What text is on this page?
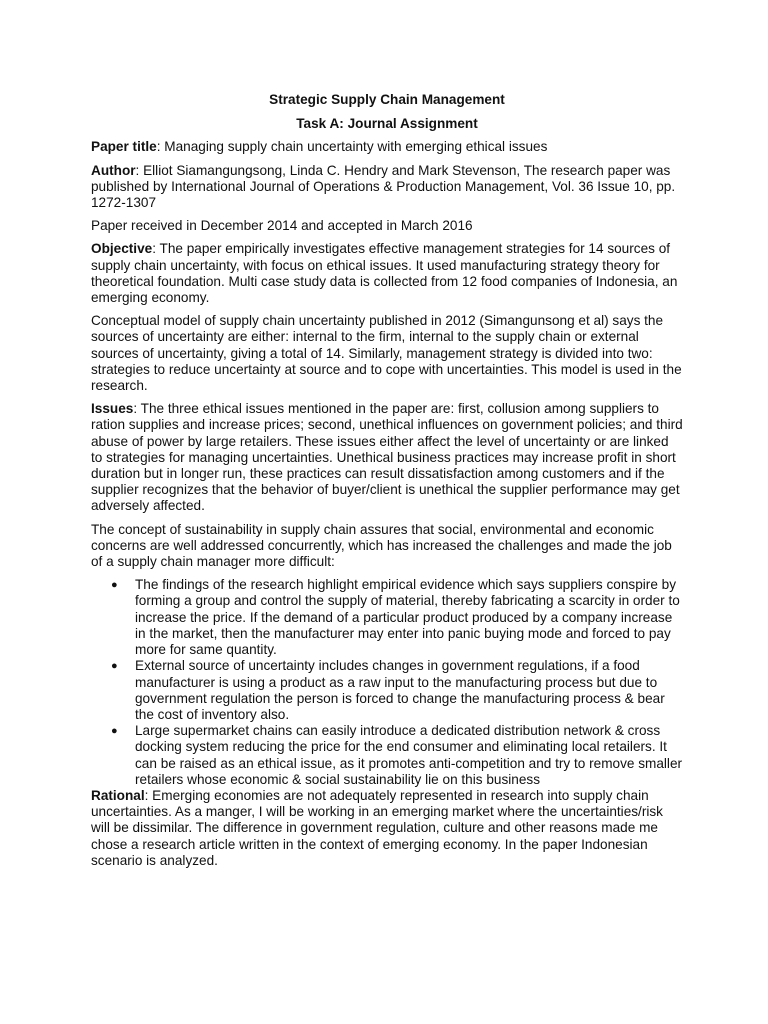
Strategic Supply Chain Management
Task A: Journal Assignment

Paper title: Managing supply chain uncertainty with emerging ethical issues

Author: Elliot Siamangungsong, Linda C. Hendry and Mark Stevenson, The research paper was published by International Journal of Operations & Production Management, Vol. 36 Issue 10, pp. 1272-1307

Paper received in December 2014 and accepted in March 2016

Objective: The paper empirically investigates effective management strategies for 14 sources of supply chain uncertainty, with focus on ethical issues. It used manufacturing strategy theory for theoretical foundation. Multi case study data is collected from 12 food companies of Indonesia, an emerging economy.

Conceptual model of supply chain uncertainty published in 2012 (Simangunsong et al) says the sources of uncertainty are either: internal to the firm, internal to the supply chain or external sources of uncertainty, giving a total of 14. Similarly, management strategy is divided into two: strategies to reduce uncertainty at source and to cope with uncertainties. This model is used in the research.

Issues: The three ethical issues mentioned in the paper are: first, collusion among suppliers to ration supplies and increase prices; second, unethical influences on government policies; and third abuse of power by large retailers. These issues either affect the level of uncertainty or are linked to strategies for managing uncertainties. Unethical business practices may increase profit in short duration but in longer run, these practices can result dissatisfaction among customers and if the supplier recognizes that the behavior of buyer/client is unethical the supplier performance may get adversely affected.

The concept of sustainability in supply chain assures that social, environmental and economic concerns are well addressed concurrently, which has increased the challenges and made the job of a supply chain manager more difficult:

● The findings of the research highlight empirical evidence which says suppliers conspire by forming a group and control the supply of material, thereby fabricating a scarcity in order to increase the price. If the demand of a particular product produced by a company increase in the market, then the manufacturer may enter into panic buying mode and forced to pay more for same quantity.
● External source of uncertainty includes changes in government regulations, if a food manufacturer is using a product as a raw input to the manufacturing process but due to government regulation the person is forced to change the manufacturing process & bear the cost of inventory also.
● Large supermarket chains can easily introduce a dedicated distribution network & cross docking system reducing the price for the end consumer and eliminating local retailers. It can be raised as an ethical issue, as it promotes anti-competition and try to remove smaller retailers whose economic & social sustainability lie on this business

Rational: Emerging economies are not adequately represented in research into supply chain uncertainties. As a manger, I will be working in an emerging market where the uncertainties/risk will be dissimilar. The difference in government regulation, culture and other reasons made me chose a research article written in the context of emerging economy. In the paper Indonesian scenario is analyzed.
